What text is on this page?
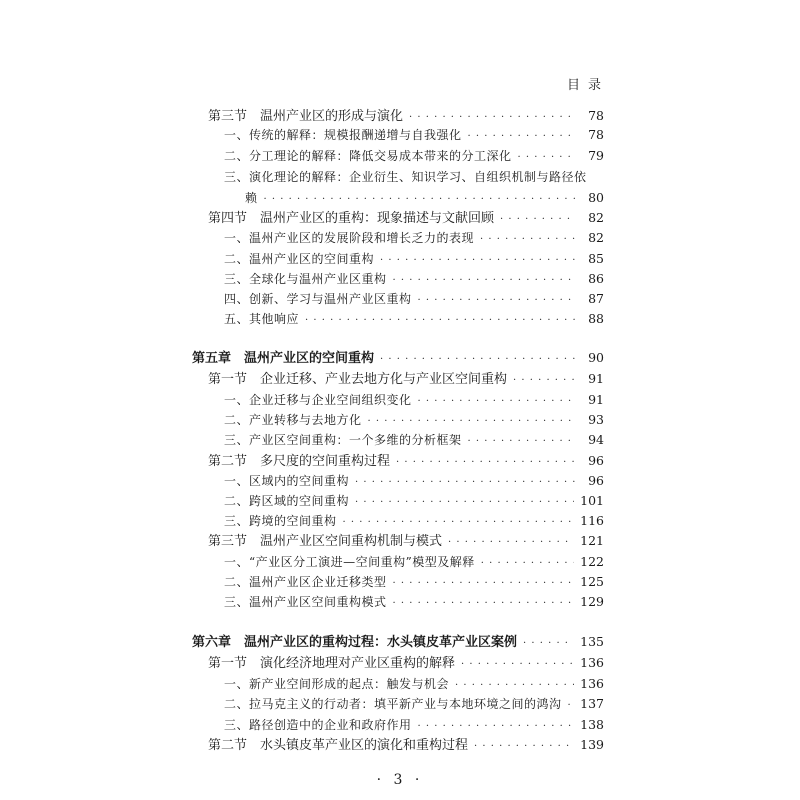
目录
第三节　温州产业区的形成与演化 · · ·	78
一、传统的解释：规模报酬递增与自我强化 · · ·	78
二、分工理论的解释：降低交易成本带来的分工深化 · · ·	79
三、演化理论的解释：企业衍生、知识学习、自组织机制与路径依
赖 · · ·	80
第四节　温州产业区的重构：现象描述与文献回顾 · · ·	82
一、温州产业区的发展阶段和增长乏力的表现 · · ·	82
二、温州产业区的空间重构 · · ·	85
三、全球化与温州产业区重构 · · ·	86
四、创新、学习与温州产业区重构 · · ·	87
五、其他响应 · · ·	88
第五章　温州产业区的空间重构 · · ·	90
第一节　企业迁移、产业去地方化与产业区空间重构 · · ·	91
一、企业迁移与企业空间组织变化 · · ·	91
二、产业转移与去地方化 · · ·	93
三、产业区空间重构：一个多维的分析框架 · · ·	94
第二节　多尺度的空间重构过程 · · ·	96
一、区域内的空间重构 · · ·	96
二、跨区域的空间重构 · · ·	101
三、跨境的空间重构 · · ·	116
第三节　温州产业区空间重构机制与模式 · · ·	121
一、“产业区分工演进—空间重构”模型及解释 · · ·	122
二、温州产业区企业迁移类型 · · ·	125
三、温州产业区空间重构模式 · · ·	129
第六章　温州产业区的重构过程：水头镇皮革产业区案例 · · ·	135
第一节　演化经济地理对产业区重构的解释 · · ·	136
一、新产业空间形成的起点：触发与机会 · · ·	136
二、拉马克主义的行动者：填平新产业与本地环境之间的鸿沟 · · ·	137
三、路径创造中的企业和政府作用 · · ·	138
第二节　水头镇皮革产业区的演化和重构过程 · · ·	139
· 3 ·
